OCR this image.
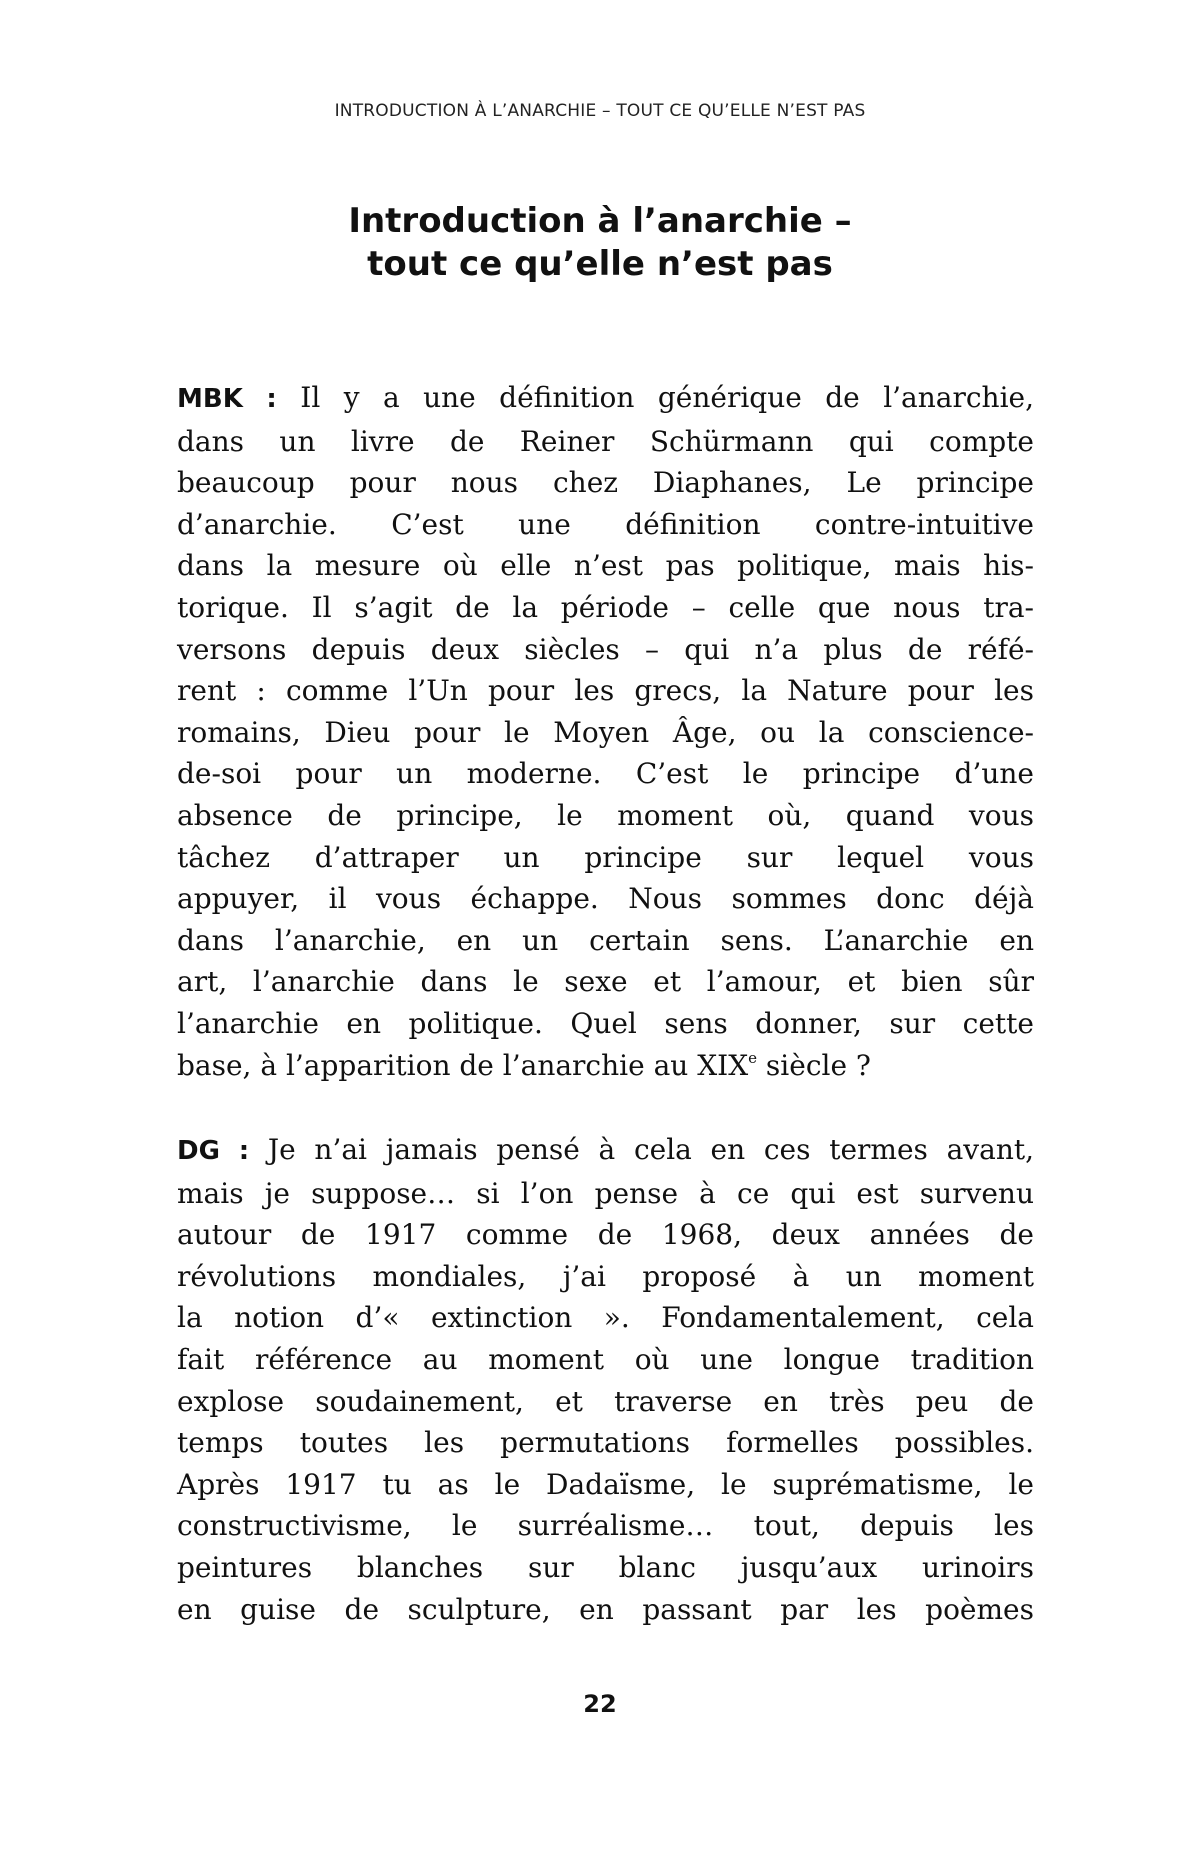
INTRODUCTION À L’ANARCHIE – TOUT CE QU’ELLE N’EST PAS
Introduction à l’anarchie –
tout ce qu’elle n’est pas
MBK : Il y a une définition générique de l’anarchie,
dans un livre de Reiner Schürmann qui compte
beaucoup pour nous chez Diaphanes, Le principe
d’anarchie. C’est une définition contre-intuitive
dans la mesure où elle n’est pas politique, mais his-
torique. Il s’agit de la période – celle que nous tra-
versons depuis deux siècles – qui n’a plus de réfé-
rent : comme l’Un pour les grecs, la Nature pour les
romains, Dieu pour le Moyen Âge, ou la conscience-
de-soi pour un moderne. C’est le principe d’une
absence de principe, le moment où, quand vous
tâchez d’attraper un principe sur lequel vous
appuyer, il vous échappe. Nous sommes donc déjà
dans l’anarchie, en un certain sens. L’anarchie en
art, l’anarchie dans le sexe et l’amour, et bien sûr
l’anarchie en politique. Quel sens donner, sur cette
base, à l’apparition de l’anarchie au XIXe siècle ?
DG : Je n’ai jamais pensé à cela en ces termes avant,
mais je suppose… si l’on pense à ce qui est survenu
autour de 1917 comme de 1968, deux années de
révolutions mondiales, j’ai proposé à un moment
la notion d’« extinction ». Fondamentalement, cela
fait référence au moment où une longue tradition
explose soudainement, et traverse en très peu de
temps toutes les permutations formelles possibles.
Après 1917 tu as le Dadaïsme, le suprématisme, le
constructivisme, le surréalisme… tout, depuis les
peintures blanches sur blanc jusqu’aux urinoirs
en guise de sculpture, en passant par les poèmes
22
